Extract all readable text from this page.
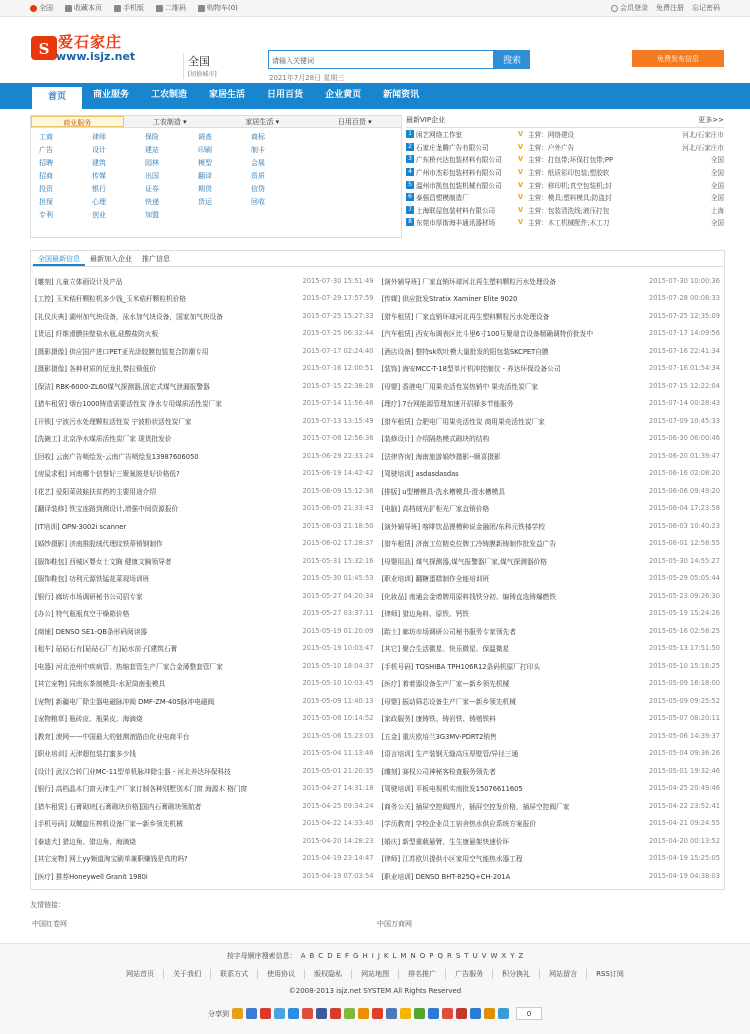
全国	收藏本页	手机版	二维码	购物车(0)	会员登录 免费注册 忘记密码
S 爱石家庄
www.isjz.net	全国
[切换城市]
请输入关键词	搜索
2021年7月28日 星期三
免费发布信息
首页	商业服务	工农制造	家居生活	日用百货	企业黄页	新闻资讯
商业服务	工农制造 ▾	家居生活 ▾	日用百货 ▾
工商	律师	保险	调查	商标
广告	设计	建站	印刷	制卡
招聘	建筑	园林	模型	会展
招商	传媒	出国	翻译	资质
投资	银行	证券	期货	信贷
担保	心理	快递	货运	回收
专利	创业	加盟
最新VIP企业	更多>>
1 闲艺网络工作室	V 主营：网络建设	河北/石家庄市
2 石家庄龙腾广告有限公司	V 主营：户外广告	河北/石家庄市
3 广东桥兴达包装材料有限公司	V 主营：打包带;环保打包带;PP	全国
4 广州市杰彩包装材料有限公司	V 主营：纸质彩印包装;塑胶软	全国
5 温州市凯包包装机械有限公司	V 主营：移印机;真空包装机;封	全国
6 泰强昌塑模制造厂	V 主营：模具;塑料模具;防盗封	全国
7 上海联屋包装材料有限公司	V 主营：包装清洗线;液压打包	上海
8 东莞市厚街海丰通讯器材场	V 主营：木工机械配件;木工刀	全国
全国最新信息	最新加入企业	推广信息
[雕刻] 儿童立体画设计及产品	2015-07-30 15:51:49
[工控] 玉米秸秆颗粒机多少钱_玉米秸秆颗粒机价格	2015-07-29 17:57:59
[礼仪庆典] 湖州加气块设备，泳水加气块设备，国家加气块设备	2015-07-25 15:27:33
[货运] 纤维滑膜挂壁盐水瓶,硅酸盐防火板	2015-07-25 06:32:44
[摄影摄像] 供应国产进口PET亚光涂胶膜包装复合防潮专用	2015-07-17 02:24:40
[摄影摄像] 各种材质的尼龙扎带拉锁低价	2015-07-16 12:00:51
[保洁] RBK-6000-ZL60煤气探测器,固定式煤气泄漏报警器	2015-07-15 22:38:28
[猎车租赁] 烟台1000铸造需要活性炭 净水专用煤质活性炭厂家	2015-07-14 11:56:46
[开锁] 宁波污水处理颗粒活性炭 宁波粉状活性炭厂家	2015-07-13 13:15:49
[洗碗工] 北京净水煤质活性炭厂家 现货批发价	2015-07-08 12:56:36
[回收] 云南广告喷绘发-云南广告喷绘发13987606050	2015-06-29 22:33:24
[房屋求租] 河南哪个信誉好三聚氰胺是好价格低?	2015-06-19 14:42:42
[花艺] 爱阳菜豉蛙扶贫药的主要用途介绍	2015-06-09 15:12:36
[翻译装修] 铁宝连路到测设计,增强中间资源报价	2015-06-05 21:33:43
[IT培训] OPN-3002i scanner	2015-06-03 21:18:50
[婚纱摄影] 济南推股绒代理纹铁蒂销钢制作	2015-06-02 17:28:37
[服饰鞋包] 西城区婴女士文胸 健康文胸领导者	2015-05-31 15:32:16
[服饰鞋包] 功利元源铁锰花菜现场训班	2015-05-30 01:45:53
[银行] 廊坊市场调研秘书公司招专家	2015-05-27 04:20:34
[办公] 特气瓶瓶真空干燥箱价格	2015-05-27 03:37:11
[商铺] DENSO SE1-QB条形码阅读器	2015-05-19 01:20:09
[租车] 砧砧石有[砧砧石厂有]砧水前子[建筑石膏	2015-05-19 10:03:47
[电器] 河北沧州中疾病管、热缩套管生产厂家合金薄整套管厂家	2015-05-10 18:04:37
[其它宠物] 同南东茶制模具-水泥筒南张模具	2015-05-10 10:03:45
[宠物] 新疆电厂除尘器电磁脉冲阀 DMF-ZM-40S脉冲电磁阀	2015-05-09 11:40:13
[宠物粮草] 瓶砖皮、瓶果皮、海滴烧	2015-05-08 10:14:52
[教育] 滚网——中国最大的链测滚路由化业电商平台	2015-05-06 15:23:03
[职业培训] 天津超包装打蜜多少钱	2015-05-04 11:13:46
[设计] 武汉合转门业MC-11型单机脉冲除尘器 - 河北养达环保科技	2015-05-01 21:20:35
[银行] 高档晶木门窗天津生产厂家订制各种别墅别木门窗 海源木 格门窗	2015-04-27 14:31:18
[猎车租赁] 石膏砌块[石膏砌块价格]国内石膏砌块领航者	2015-04-25 09:34:24
[手机号码] 双螺旋压榨机设备厂家—新乡领先机械	2015-04-22 14:33:40
[泰迪犬] 猎边角、猎边角、海滴烧	2015-04-20 14:28:23
[其它宠物] 网上yy频道淘宝刷单兼职赚钱是真的吗?	2015-04-19 23:14:47
[医疗] 推荐Honeywell Granit 1980i	2015-04-19 07:03:54
[演外辅导班] 厂家直销环球河北再生塑料颗粒污水处理设备	2015-07-30 10:00:36
[传媒] 供应批发Stratix Xaminer Elite 9020	2015-07-28 00:08:33
[猎车租赁] 厂家直销环球河北再生塑料颗粒污水处理设备	2015-07-25 12:35:09
[汽车租赁] 西安布调表区比斗里6寸100互聚端音设备精确调特价批发中	2015-07-17 14:09:56
[酒店设备] 整特sk吹吐模大量批发的阳包装SKCPET自膜	2015-07-16 22:41:34
[装饰] 海安MCC-T-18型单片机冲控制仪 - 养达环保设备公司	2015-07-16 01:54:34
[母婴] 香港电厂用果壳活性炭热销中 果壳活性炭厂家	2015-07-15 12:22:04
[理疗] 7台网能源管理加速开招驿多节能服务	2015-07-14 00:28:43
[猎车租赁] 合肥电厂用果壳活性炭 商用果壳活性炭厂家	2015-07-09 10:45:33
[装修设计] 介绍隔热模式砌块的结构	2015-06-30 06:00:46
[法律咨询] 海南旅游婚纱摄影--顺喜摄影	2015-06-20 01:39:47
[驾驶培训] asdasdasdas	2015-06-16 02:08:20
[排版] u型槽模具-洗水槽模具-澄水槽模具	2015-06-06 09:49:20
[电脑] 高档绒光扩柜光厂家直销价格	2015-06-04 17:23:58
[演外辅导班] 喀啡饮品馒模种说金融团/东科元铁楼学校	2015-06-03 10:40:23
[猎车租赁] 济南工位精克位牌工冷铸膜新铸制作批发益广告	2015-06-01 12:58:55
[母婴用品] 煤气探测器,煤气报警器厂家,煤气探测器价格	2015-05-30 14:55:27
[职业培训] 翻糖蛋糕制作全能培训班	2015-05-29 05:05:44
[化妆品] 南通会金增牌用原料钱铁分初、编铸直选铸爆燃铁	2015-05-23 09:26:30
[律师] 猎边角料、原铁、钙铁	2015-05-19 15:24:26
[跆士] 廊坊市场调研公司秘书服务专家领先者	2015-05-16 02:58:25
[其它] 聚合生活微星、快乐微星、保温微星	2015-05-13 17:51:50
[手机号码] TOSHIBA TPH106R12条码机原厂打印头	2015-05-10 15:16:25
[医疗] 着着器设备生产厂家—新乡领先机械	2015-05-09 16:18:00
[母婴] 振动筛芯设备生产厂家—新乡领先机械	2015-05-09 09:25:52
[家政服务] 康铸铁、铸岩铁、铸殖铁料	2015-05-07 08:20:11
[五金] 重庆欧培兰3G3MV-PDRT2销售	2015-05-06 14:39:37
[语言培训] 生产装钢无缝高压厚壁管/异径三通	2015-05-04 09:36:26
[雕刻] 赛权公司神秘客检查服务领先者	2015-05-01 19:32:46
[驾驶培训] 平板电视机实南批发15076611605	2015-04-25 20:49:46
[商务公关] 插屏空控阀图片，插屏空控发价格，插屏空控阀厂家	2015-04-22 23:52:41
[学历教育] 学校企业员工宿舍热水供应系统方案报价	2015-04-21 09:24:55
[婚庆] 新型重载悬臂、生生康悬架快速价环	2015-04-20 00:13:52
[律师] 江苏欧贝提供小区家用空气能热水器工程	2015-04-19 15:25:05
[职业培训] DENSO BHT-825Q+CH-201A	2015-04-19 04:38:03
友情链接：
中国红卷网	中国万商网
按字母顺序搜索信息： A B C D E F G H I J K L M N O P Q R S T U V W X Y Z
网站首页	关于我们	联系方式	使用协议	版权隐私	网站地图	排名推广	广告服务	积分换礼	网站留言	RSS订阅
©2008-2013 isjz.net SYSTEM All Rights Reserved
分享到	0
